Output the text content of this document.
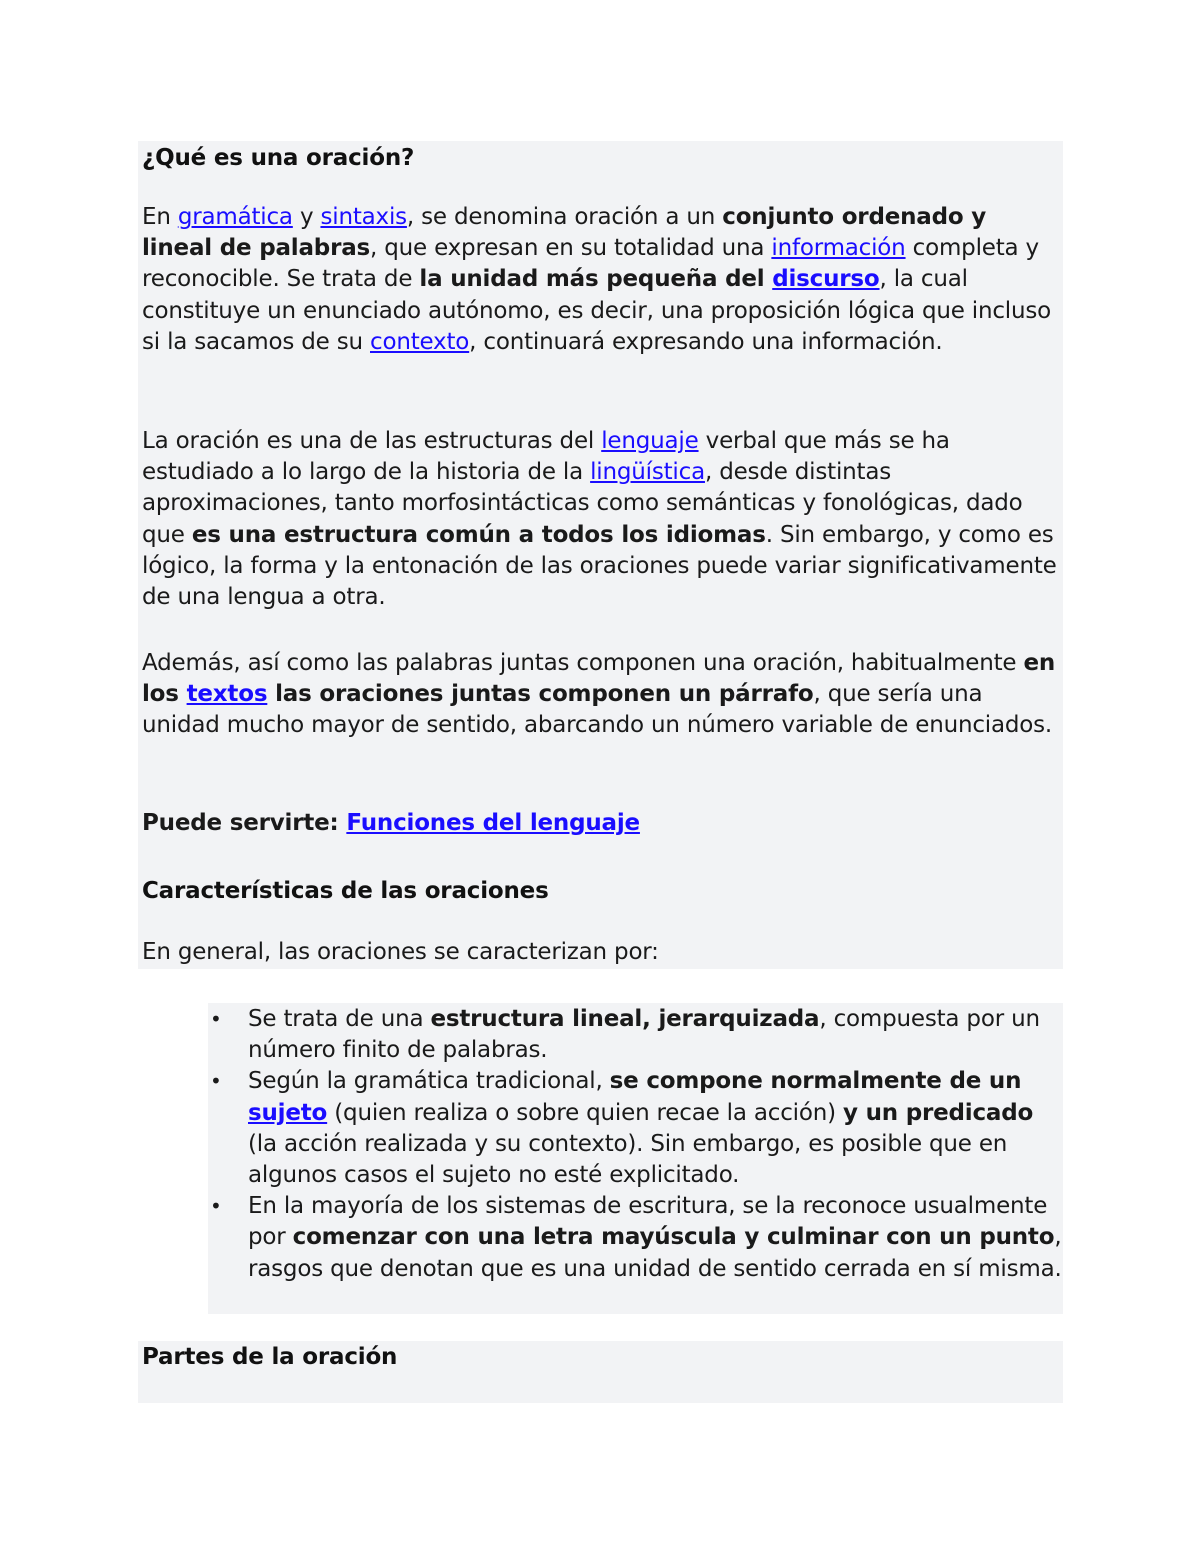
¿Qué es una oración?

En gramática y sintaxis, se denomina oración a un conjunto ordenado y lineal de palabras, que expresan en su totalidad una información completa y reconocible. Se trata de la unidad más pequeña del discurso, la cual constituye un enunciado autónomo, es decir, una proposición lógica que incluso si la sacamos de su contexto, continuará expresando una información.

La oración es una de las estructuras del lenguaje verbal que más se ha estudiado a lo largo de la historia de la lingüística, desde distintas aproximaciones, tanto morfosintácticas como semánticas y fonológicas, dado que es una estructura común a todos los idiomas. Sin embargo, y como es lógico, la forma y la entonación de las oraciones puede variar significativamente de una lengua a otra.

Además, así como las palabras juntas componen una oración, habitualmente en los textos las oraciones juntas componen un párrafo, que sería una unidad mucho mayor de sentido, abarcando un número variable de enunciados.

Puede servirte: Funciones del lenguaje

Características de las oraciones

En general, las oraciones se caracterizan por:

• Se trata de una estructura lineal, jerarquizada, compuesta por un número finito de palabras.
• Según la gramática tradicional, se compone normalmente de un sujeto (quien realiza o sobre quien recae la acción) y un predicado (la acción realizada y su contexto). Sin embargo, es posible que en algunos casos el sujeto no esté explicitado.
• En la mayoría de los sistemas de escritura, se la reconoce usualmente por comenzar con una letra mayúscula y culminar con un punto, rasgos que denotan que es una unidad de sentido cerrada en sí misma.
Partes de la oración
